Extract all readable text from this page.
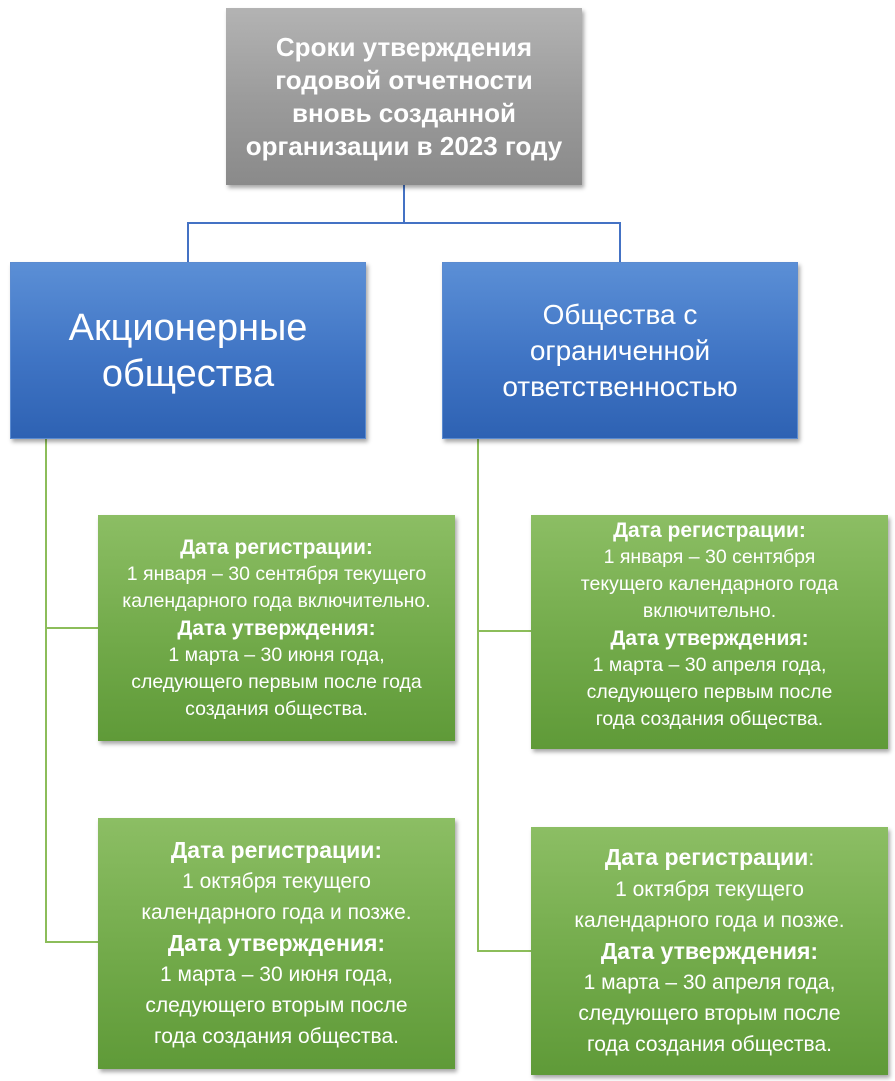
Сроки утверждения
годовой отчетности
вновь созданной
организации в 2023 году
Акционерные
общества
Общества с
ограниченной
ответственностью
Дата регистрации:
1 января – 30 сентября текущего
календарного года включительно.
Дата утверждения:
1 марта – 30 июня года,
следующего первым после года
создания общества.
Дата регистрации:
1 октября текущего
календарного года и позже.
Дата утверждения:
1 марта – 30 июня года,
следующего вторым после
года создания общества.
Дата регистрации:
1 января – 30 сентября
текущего календарного года
включительно.
Дата утверждения:
1 марта – 30 апреля года,
следующего первым после
года создания общества.
Дата регистрации:
1 октября текущего
календарного года и позже.
Дата утверждения:
1 марта – 30 апреля года,
следующего вторым после
года создания общества.
